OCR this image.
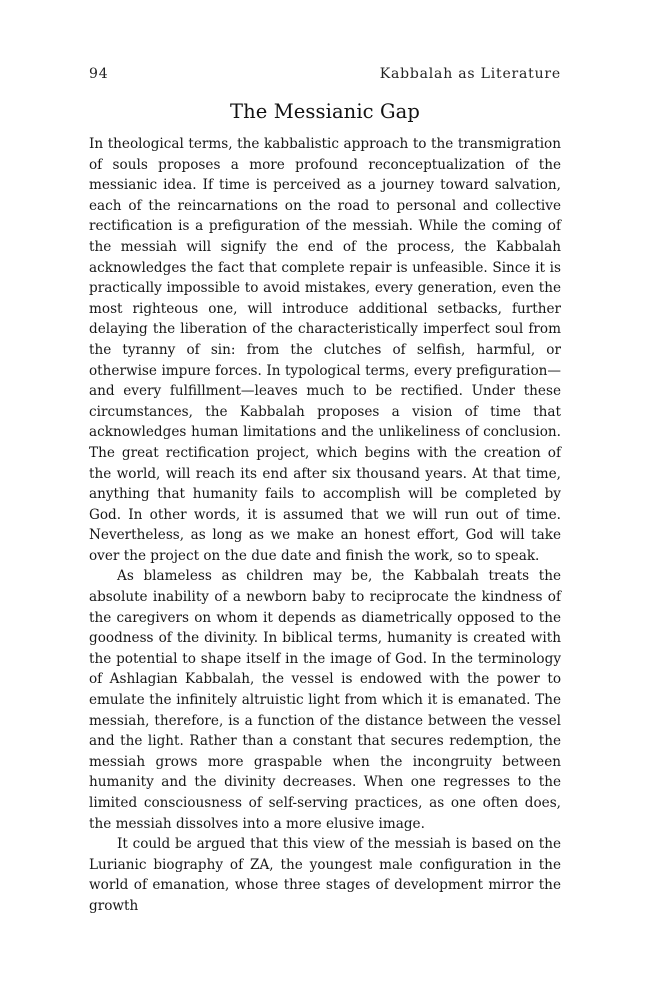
94	Kabbalah as Literature
The Messianic Gap

In theological terms, the kabbalistic approach to the transmigration of souls proposes a more profound reconceptualization of the messianic idea. If time is perceived as a journey toward salvation, each of the reincarnations on the road to personal and collective rectification is a prefiguration of the messiah. While the coming of the messiah will signify the end of the process, the Kabbalah acknowledges the fact that complete repair is unfeasible. Since it is practically impossible to avoid mistakes, every generation, even the most righteous one, will introduce additional setbacks, further delaying the liberation of the characteristically imperfect soul from the tyranny of sin: from the clutches of selfish, harmful, or otherwise impure forces. In typological terms, every prefiguration—and every fulfillment—leaves much to be rectified. Under these circumstances, the Kabbalah proposes a vision of time that acknowledges human limitations and the unlikeliness of conclusion. The great rectification project, which begins with the creation of the world, will reach its end after six thousand years. At that time, anything that humanity fails to accomplish will be completed by God. In other words, it is assumed that we will run out of time. Nevertheless, as long as we make an honest effort, God will take over the project on the due date and finish the work, so to speak.

As blameless as children may be, the Kabbalah treats the absolute inability of a newborn baby to reciprocate the kindness of the caregivers on whom it depends as diametrically opposed to the goodness of the divinity. In biblical terms, humanity is created with the potential to shape itself in the image of God. In the terminology of Ashlagian Kabbalah, the vessel is endowed with the power to emulate the infinitely altruistic light from which it is emanated. The messiah, therefore, is a function of the distance between the vessel and the light. Rather than a constant that secures redemption, the messiah grows more graspable when the incongruity between humanity and the divinity decreases. When one regresses to the limited consciousness of self-serving practices, as one often does, the messiah dissolves into a more elusive image.

It could be argued that this view of the messiah is based on the Lurianic biography of ZA, the youngest male configuration in the world of emanation, whose three stages of development mirror the growth
